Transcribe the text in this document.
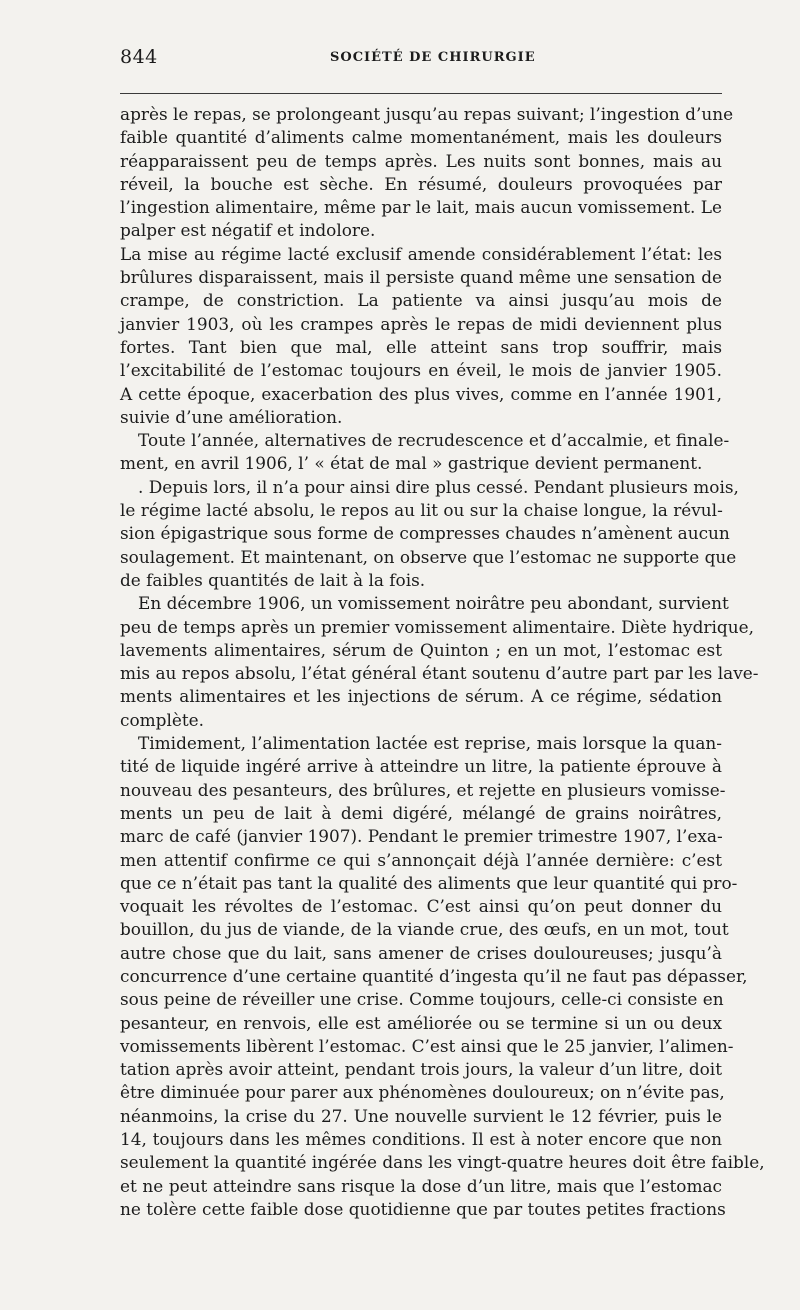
844	SOCIÉTÉ DE CHIRURGIE
après le repas, se prolongeant jusqu’au repas suivant; l’ingestion d’une
faible quantité d’aliments calme momentanément, mais les douleurs
réapparaissent peu de temps après. Les nuits sont bonnes, mais au
réveil, la bouche est sèche. En résumé, douleurs provoquées par
l’ingestion alimentaire, même par le lait, mais aucun vomissement. Le
palper est négatif et indolore.
La mise au régime lacté exclusif amende considérablement l’état: les
brûlures disparaissent, mais il persiste quand même une sensation de
crampe, de constriction. La patiente va ainsi jusqu’au mois de
janvier 1903, où les crampes après le repas de midi deviennent plus
fortes. Tant bien que mal, elle atteint sans trop souffrir, mais
l’excitabilité de l’estomac toujours en éveil, le mois de janvier 1905.
A cette époque, exacerbation des plus vives, comme en l’année 1901,
suivie d’une amélioration.
Toute l’année, alternatives de recrudescence et d’accalmie, et finale-
ment, en avril 1906, l’ « état de mal » gastrique devient permanent.
. Depuis lors, il n’a pour ainsi dire plus cessé. Pendant plusieurs mois,
le régime lacté absolu, le repos au lit ou sur la chaise longue, la révul-
sion épigastrique sous forme de compresses chaudes n’amènent aucun
soulagement. Et maintenant, on observe que l’estomac ne supporte que
de faibles quantités de lait à la fois.
En décembre 1906, un vomissement noirâtre peu abondant, survient
peu de temps après un premier vomissement alimentaire. Diète hydrique,
lavements alimentaires, sérum de Quinton ; en un mot, l’estomac est
mis au repos absolu, l’état général étant soutenu d’autre part par les lave-
ments alimentaires et les injections de sérum. A ce régime, sédation
complète.
Timidement, l’alimentation lactée est reprise, mais lorsque la quan-
tité de liquide ingéré arrive à atteindre un litre, la patiente éprouve à
nouveau des pesanteurs, des brûlures, et rejette en plusieurs vomisse-
ments un peu de lait à demi digéré, mélangé de grains noirâtres,
marc de café (janvier 1907). Pendant le premier trimestre 1907, l’exa-
men attentif confirme ce qui s’annonçait déjà l’année dernière: c’est
que ce n’était pas tant la qualité des aliments que leur quantité qui pro-
voquait les révoltes de l’estomac. C’est ainsi qu’on peut donner du
bouillon, du jus de viande, de la viande crue, des œufs, en un mot, tout
autre chose que du lait, sans amener de crises douloureuses; jusqu’à
concurrence d’une certaine quantité d’ingesta qu’il ne faut pas dépasser,
sous peine de réveiller une crise. Comme toujours, celle-ci consiste en
pesanteur, en renvois, elle est améliorée ou se termine si un ou deux
vomissements libèrent l’estomac. C’est ainsi que le 25 janvier, l’alimen-
tation après avoir atteint, pendant trois jours, la valeur d’un litre, doit
être diminuée pour parer aux phénomènes douloureux; on n’évite pas,
néanmoins, la crise du 27. Une nouvelle survient le 12 février, puis le
14, toujours dans les mêmes conditions. Il est à noter encore que non
seulement la quantité ingérée dans les vingt-quatre heures doit être faible,
et ne peut atteindre sans risque la dose d’un litre, mais que l’estomac
ne tolère cette faible dose quotidienne que par toutes petites fractions
